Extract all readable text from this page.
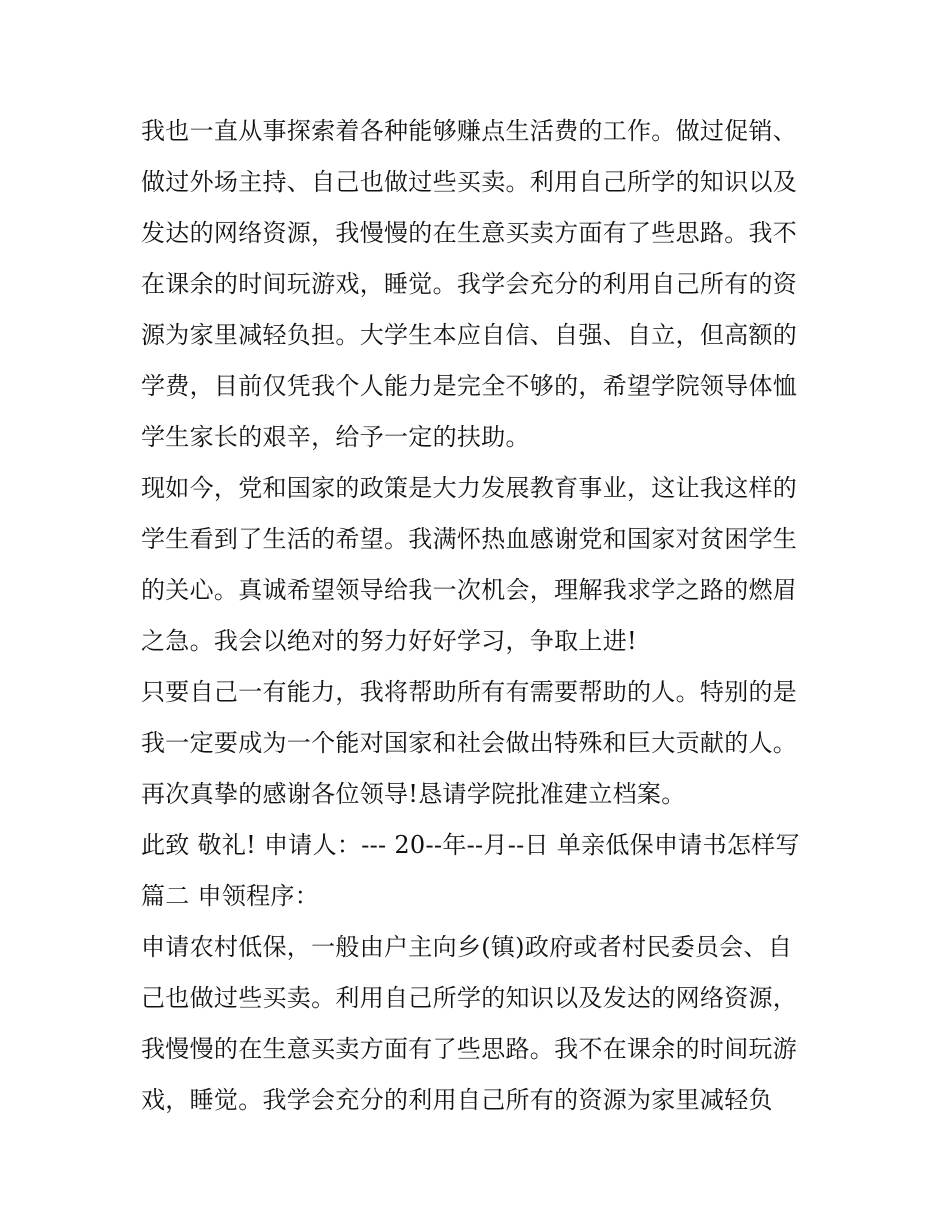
我也一直从事探索着各种能够赚点生活费的工作。做过促销、
做过外场主持、自己也做过些买卖。利用自己所学的知识以及
发达的网络资源，我慢慢的在生意买卖方面有了些思路。我不
在课余的时间玩游戏，睡觉。我学会充分的利用自己所有的资
源为家里减轻负担。大学生本应自信、自强、自立，但高额的
学费，目前仅凭我个人能力是完全不够的，希望学院领导体恤
学生家长的艰辛，给予一定的扶助。
现如今，党和国家的政策是大力发展教育事业，这让我这样的
学生看到了生活的希望。我满怀热血感谢党和国家对贫困学生
的关心。真诚希望领导给我一次机会，理解我求学之路的燃眉
之急。我会以绝对的努力好好学习，争取上进!
只要自己一有能力，我将帮助所有有需要帮助的人。特别的是
我一定要成为一个能对国家和社会做出特殊和巨大贡献的人。
再次真挚的感谢各位领导!恳请学院批准建立档案。
此致 敬礼! 申请人：--- 20--年--月--日 单亲低保申请书怎样写
篇二 申领程序：
申请农村低保，一般由户主向乡(镇)政府或者村民委员会、自
己也做过些买卖。利用自己所学的知识以及发达的网络资源，
我慢慢的在生意买卖方面有了些思路。我不在课余的时间玩游
戏，睡觉。我学会充分的利用自己所有的资源为家里减轻负
